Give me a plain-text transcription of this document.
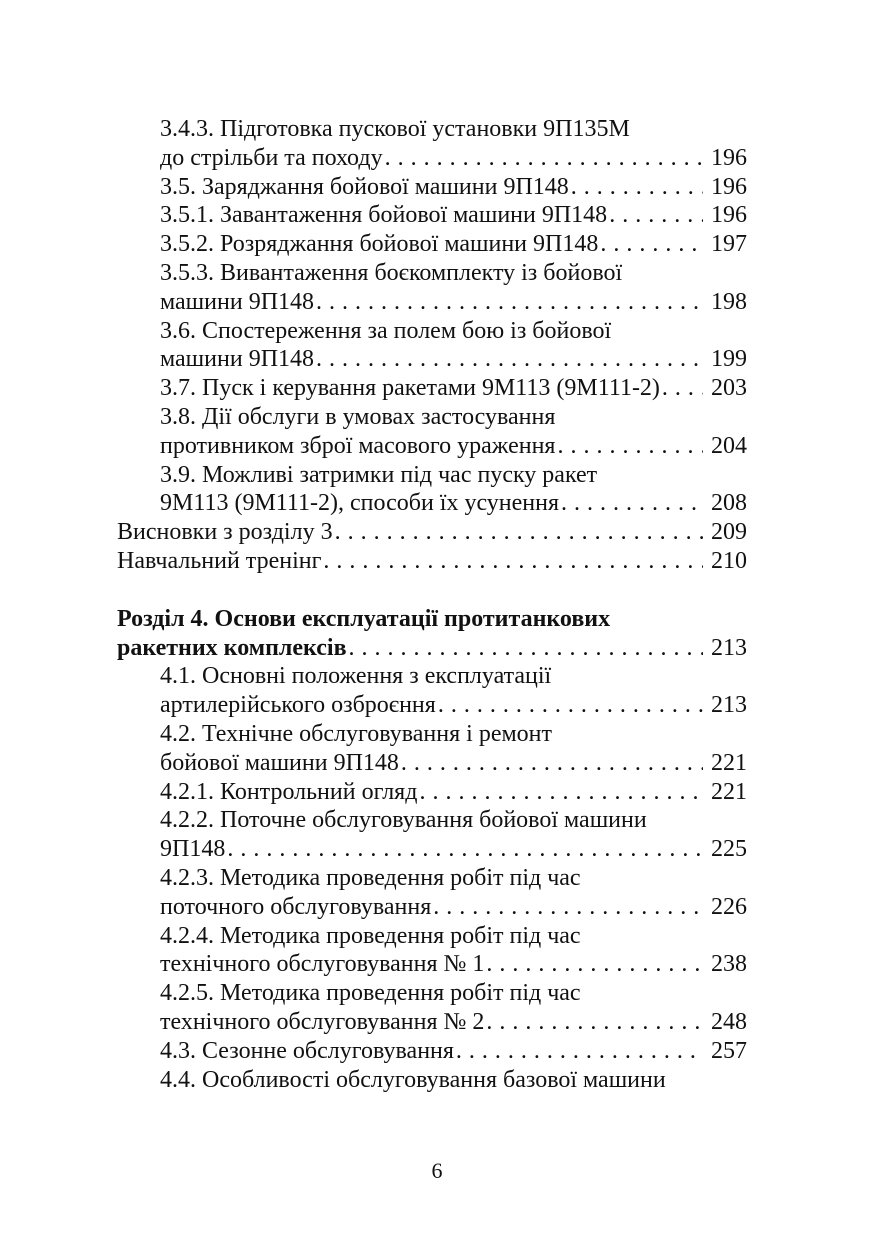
3.4.3. Підготовка пускової установки 9П135М
до стрільби та походу . . .	196
3.5. Заряджання бойової машини 9П148 . . .	196
3.5.1. Завантаження бойової машини 9П148 . . .	196
3.5.2. Розряджання бойової машини 9П148 . . .	197
3.5.3. Вивантаження боєкомплекту із бойової
машини 9П148 . . .	198
3.6. Спостереження за полем бою із бойової
машини 9П148 . . .	199
3.7. Пуск і керування ракетами 9М113 (9М111-2) . . . 203
3.8. Дії обслуги в умовах застосування
противником зброї масового ураження . . .	204
3.9. Можливі затримки під час пуску ракет
9М113 (9М111-2), способи їх усунення . . .	208
Висновки з розділу 3 . . .	209
Навчальний тренінг . . .	210
Розділ 4. Основи експлуатації протитанкових
ракетних комплексів . . .	213
4.1. Основні положення з експлуатації
артилерійського озброєння . . .	213
4.2. Технічне обслуговування і ремонт
бойової машини 9П148 . . .	221
4.2.1. Контрольний огляд . . .	221
4.2.2. Поточне обслуговування бойової машини
9П148 . . .	225
4.2.3. Методика проведення робіт під час
поточного обслуговування . . .	226
4.2.4. Методика проведення робіт під час
технічного обслуговування № 1 . . .	238
4.2.5. Методика проведення робіт під час
технічного обслуговування № 2 . . .	248
4.3. Сезонне обслуговування . . .	257
4.4. Особливості обслуговування базової машини
6
